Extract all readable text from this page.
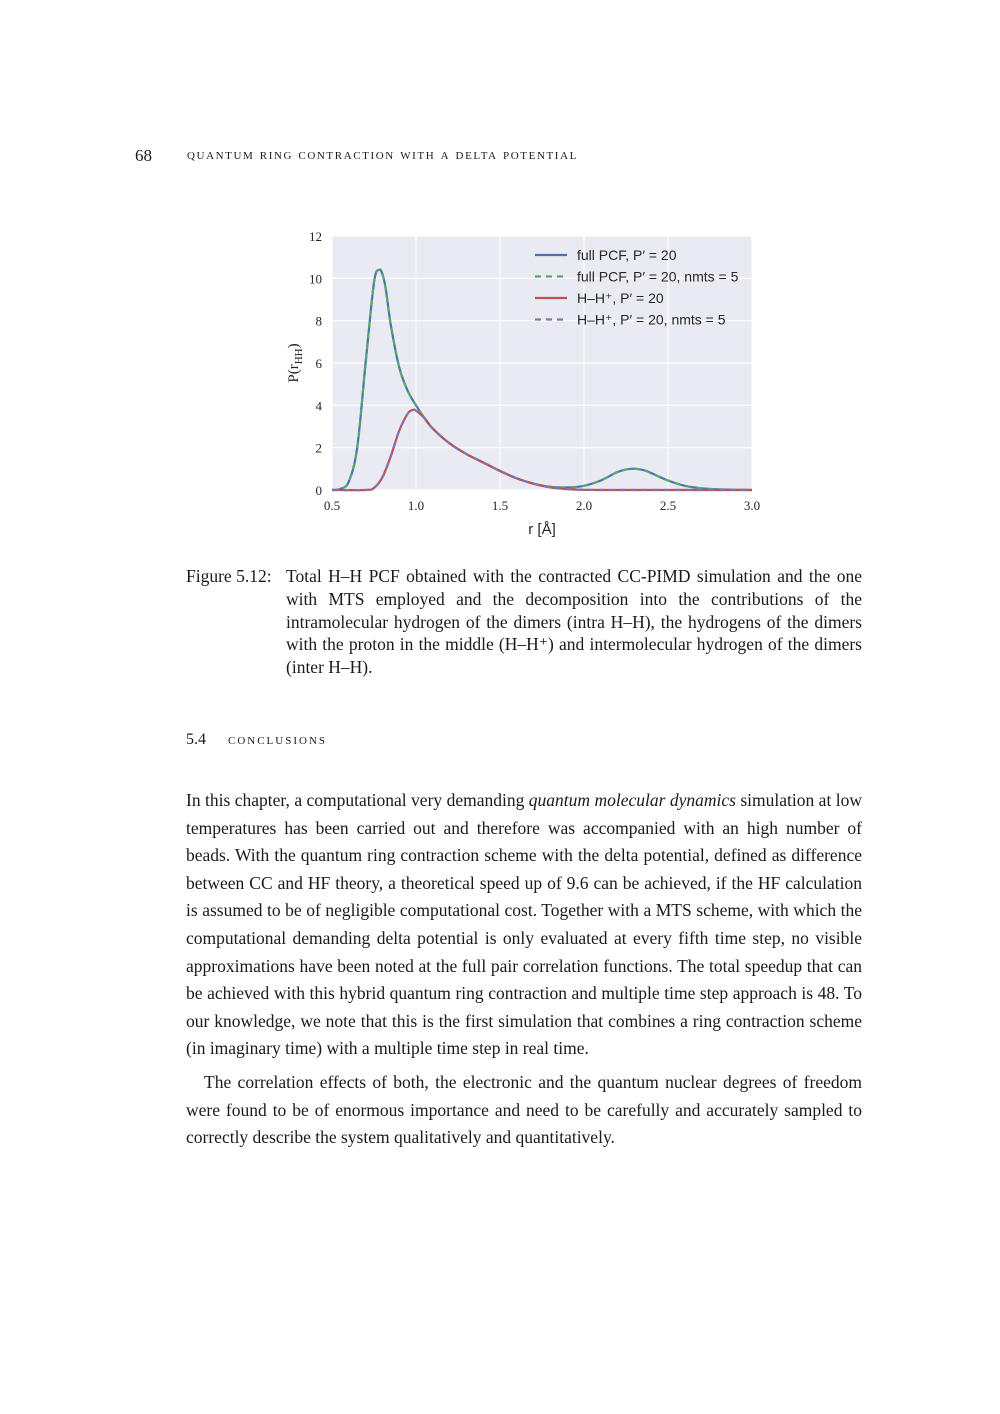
68 quantum ring contraction with a delta potential
0.5	1.0	1.5	2.0	2.5	3.0
0
2
4
6
8
10
12
r [Å]
$P(r_{HH})$
full PCF, P′ = 20
full PCF, P′ = 20, nmts = 5
H–H⁺, P′ = 20
H–H⁺, P′ = 20, nmts = 5
Figure 5.12: Total H–H PCF obtained with the contracted CC-PIMD simulation and the one with MTS employed and the decomposition into the contributions of the intramolecular hydrogen of the dimers (intra H–H), the hydrogens of the dimers with the proton in the middle (H–H⁺) and intermolecular hydrogen of the dimers (inter H–H).
5.4 conclusions

In this chapter, a computational very demanding quantum molecular dynamics simulation at low temperatures has been carried out and therefore was accompanied with an high number of beads. With the quantum ring contraction scheme with the delta potential, defined as difference between CC and HF theory, a theoretical speed up of 9.6 can be achieved, if the HF calculation is assumed to be of negligible computational cost. Together with a MTS scheme, with which the computational demanding delta potential is only evaluated at every fifth time step, no visible approximations have been noted at the full pair correlation functions. The total speedup that can be achieved with this hybrid quantum ring contraction and multiple time step approach is 48. To our knowledge, we note that this is the first simulation that combines a ring contraction scheme (in imaginary time) with a multiple time step in real time.

The correlation effects of both, the electronic and the quantum nuclear degrees of freedom were found to be of enormous importance and need to be carefully and accurately sampled to correctly describe the system qualitatively and quantitatively.
